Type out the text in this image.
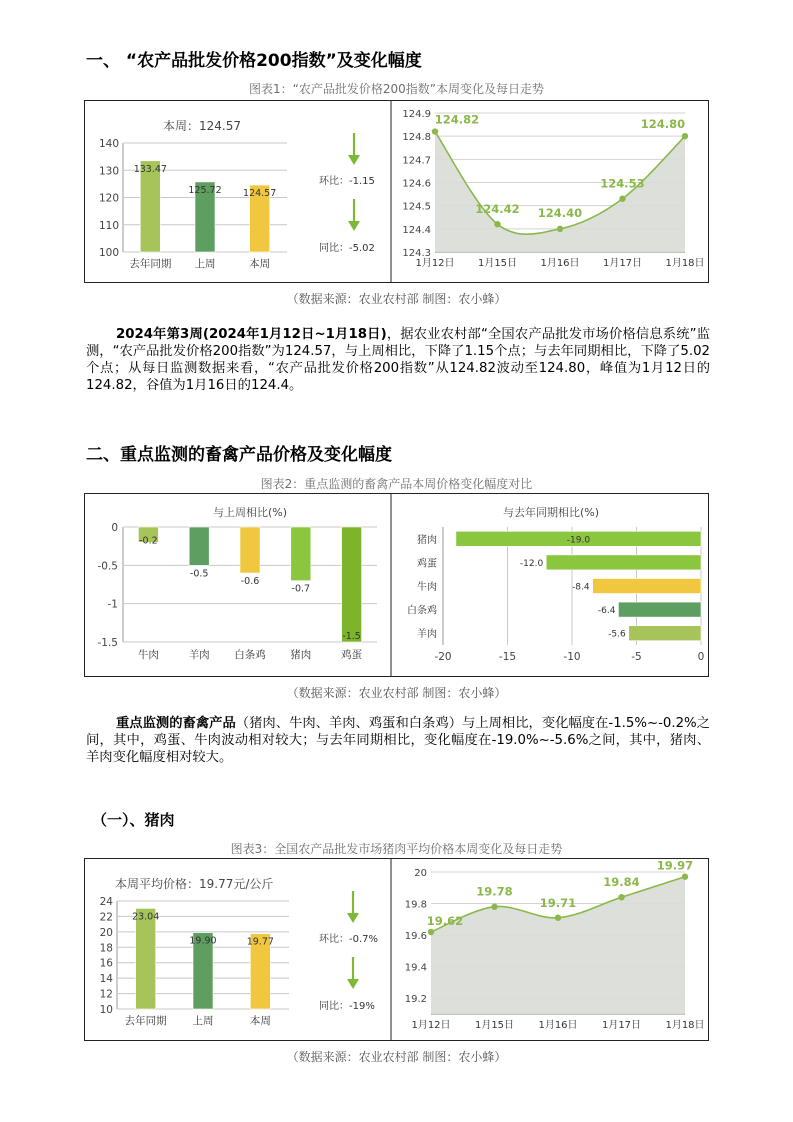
一、 “农产品批发价格200指数”及变化幅度
图表1：“农产品批发价格200指数”本周变化及每日走势
本周：124.57
100
110
120
130
140
133.47
去年同期
125.72
上周
124.57
本周
环比：-1.15
同比：-5.02	124.3
124.4
124.5
124.6
124.7
124.8
124.9 124.82
1月12日
124.42
1月15日
124.40
1月16日
124.53
1月17日
124.80
1月18日
（数据来源：农业农村部 制图：农小蜂）
2024年第3周(2024年1月12日~1月18日)，据农业农村部“全国农产品批发市场价格信息系统”监测，“农产品批发价格200指数”为124.57，与上周相比，下降了1.15个点；与去年同期相比，下降了5.02个点；从每日监测数据来看，“农产品批发价格200指数”从124.82波动至124.80，峰值为1月12日的124.82，谷值为1月16日的124.4。
二、重点监测的畜禽产品价格及变化幅度
图表2：重点监测的畜禽产品本周价格变化幅度对比
与上周相比(%)
0
-0.5
-1
-1.5
-0.2
牛肉
-0.5
羊肉
-0.6
白条鸡
-0.7
猪肉
-1.5
鸡蛋
与去年同期相比(%)
-20	-15	-10	-5	0
-19.0
猪肉
-12.0
鸡蛋
-8.4
牛肉
-6.4
白条鸡
-5.6
羊肉
（数据来源：农业农村部 制图：农小蜂）
重点监测的畜禽产品（猪肉、牛肉、羊肉、鸡蛋和白条鸡）与上周相比，变化幅度在-1.5%~-0.2%之间，其中，鸡蛋、牛肉波动相对较大；与去年同期相比，变化幅度在-19.0%~-5.6%之间，其中，猪肉、羊肉变化幅度相对较大。
（一）、猪肉
图表3：全国农产品批发市场猪肉平均价格本周变化及每日走势
本周平均价格：19.77元/公斤
10
12
14
16
18
20
22
24
23.04
去年同期
19.90
上周
19.77
本周
环比：-0.7%
同比：-19%
19.2
19.4
19.6
19.8
20
19.62
1月12日
19.78
1月15日
19.71
1月16日
19.84
1月17日
19.97
1月18日
（数据来源：农业农村部 制图：农小蜂）
